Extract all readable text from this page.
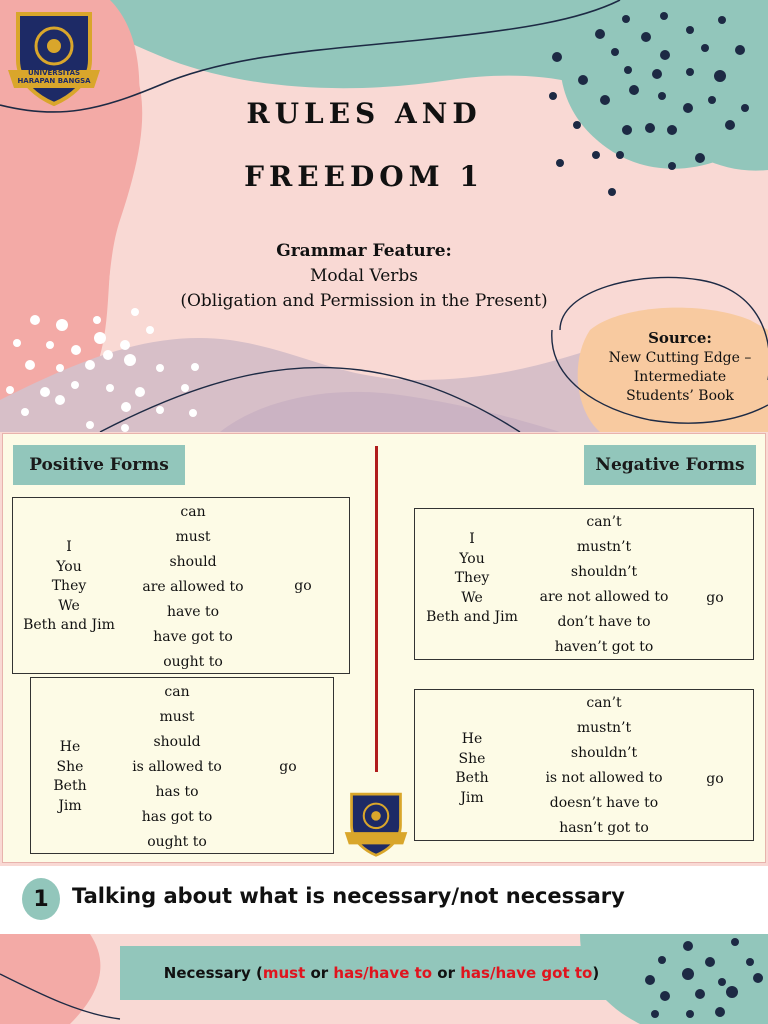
UNIVERSITAS HARAPAN BANGSA
RULES AND
FREEDOM 1
Grammar Feature:
Modal Verbs
(Obligation and Permission in the Present)
Source:
New Cutting Edge –
Intermediate
Students’ Book
Positive Forms	Negative Forms
I
You
They
We
Beth and Jim
can
must
should
are allowed to
have to
have got to
ought to
go
He
She
Beth
Jim
can
must
should
is allowed to
has to
has got to
ought to
go
I
You
They
We
Beth and Jim
can’t
mustn’t
shouldn’t
are not allowed to
don’t have to
haven’t got to
go
He
She
Beth
Jim
can’t
mustn’t
shouldn’t
is not allowed to
doesn’t have to
hasn’t got to
go
1	Talking about what is necessary/not necessary
Necessary ( must or has/have to or has/have got to )
